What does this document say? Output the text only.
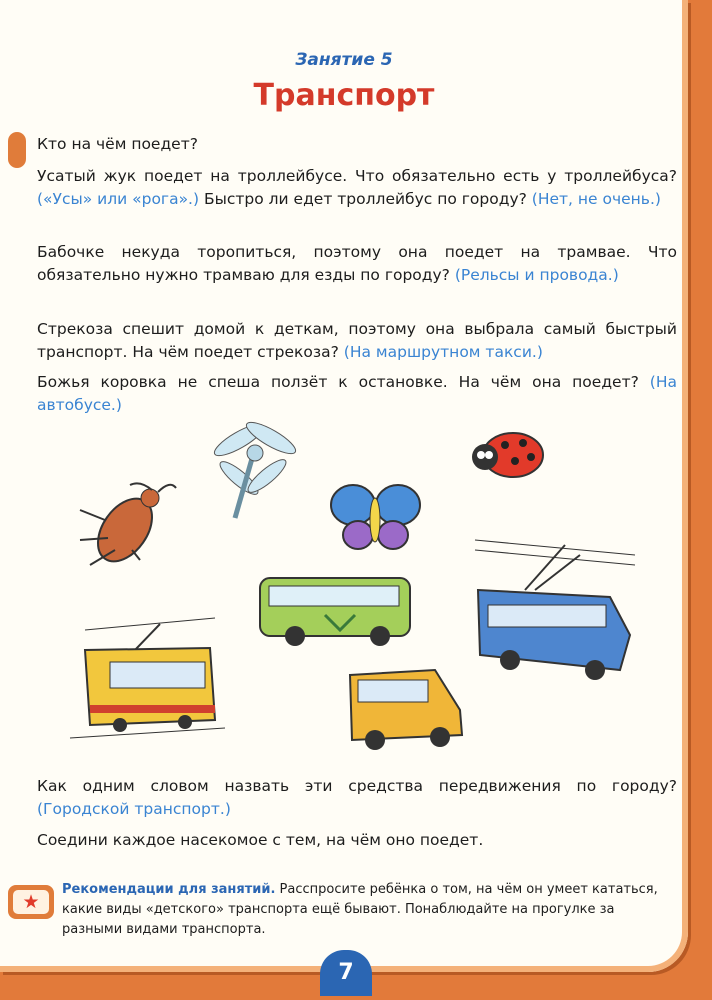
Занятие 5
Транспорт
Кто на чём поедет?
Усатый жук поедет на троллейбусе. Что обязательно есть у троллейбуса? («Усы» или «рога».) Быстро ли едет троллейбус по городу? (Нет, не очень.)
Бабочке некуда торопиться, поэтому она поедет на трамвае. Что обязательно нужно трамваю для езды по городу? (Рельсы и провода.)
Стрекоза спешит домой к деткам, поэтому она выбрала самый быстрый транспорт. На чём поедет стрекоза? (На маршрутном такси.)
Божья коровка не спеша ползёт к остановке. На чём она поедет? (На автобусе.)
Как одним словом назвать эти средства передвижения по городу? (Городской транспорт.)
Соедини каждое насекомое с тем, на чём оно поедет.
★
Рекомендации для занятий. Расспросите ребёнка о том, на чём он умеет кататься, какие виды «детского» транспорта ещё бывают. Понаблюдайте на прогулке за разными видами транспорта.
7
